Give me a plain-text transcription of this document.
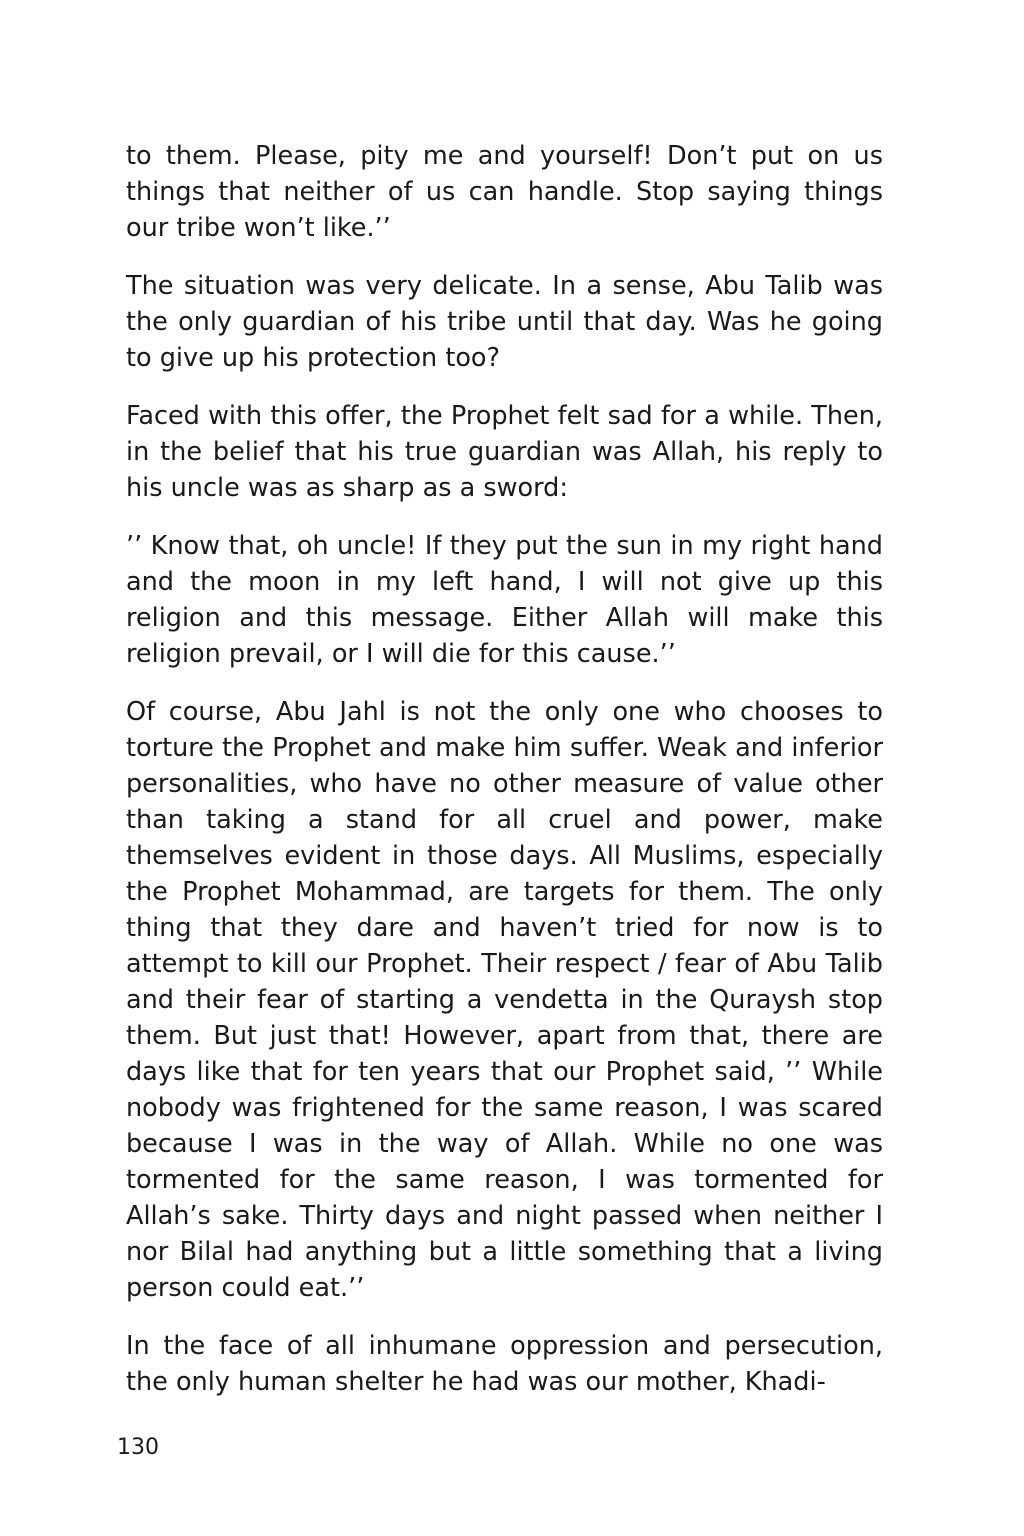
to them. Please, pity me and yourself! Don’t put on us things that neither of us can handle. Stop saying things our tribe won’t like.’’

The situation was very delicate. In a sense, Abu Talib was the only guardian of his tribe until that day. Was he going to give up his protection too?

Faced with this offer, the Prophet felt sad for a while. Then, in the belief that his true guardian was Allah, his reply to his uncle was as sharp as a sword:

’’ Know that, oh uncle! If they put the sun in my right hand and the moon in my left hand, I will not give up this religion and this message. Either Allah will make this religion prevail, or I will die for this cause.’’

Of course, Abu Jahl is not the only one who chooses to torture the Prophet and make him suffer. Weak and inferior personalities, who have no other measure of value other than taking a stand for all cruel and power, make themselves evident in those days. All Muslims, especially the Prophet Mohammad, are targets for them. The only thing that they dare and haven’t tried for now is to attempt to kill our Prophet. Their respect / fear of Abu Talib and their fear of starting a vendetta in the Quraysh stop them. But just that! However, apart from that, there are days like that for ten years that our Prophet said, ’’ While nobody was frightened for the same reason, I was scared because I was in the way of Allah. While no one was tormented for the same reason, I was tormented for Allah’s sake. Thirty days and night passed when neither I nor Bilal had anything but a little something that a living person could eat.’’

In the face of all inhumane oppression and persecution, the only human shelter he had was our mother, Khadi-

130
